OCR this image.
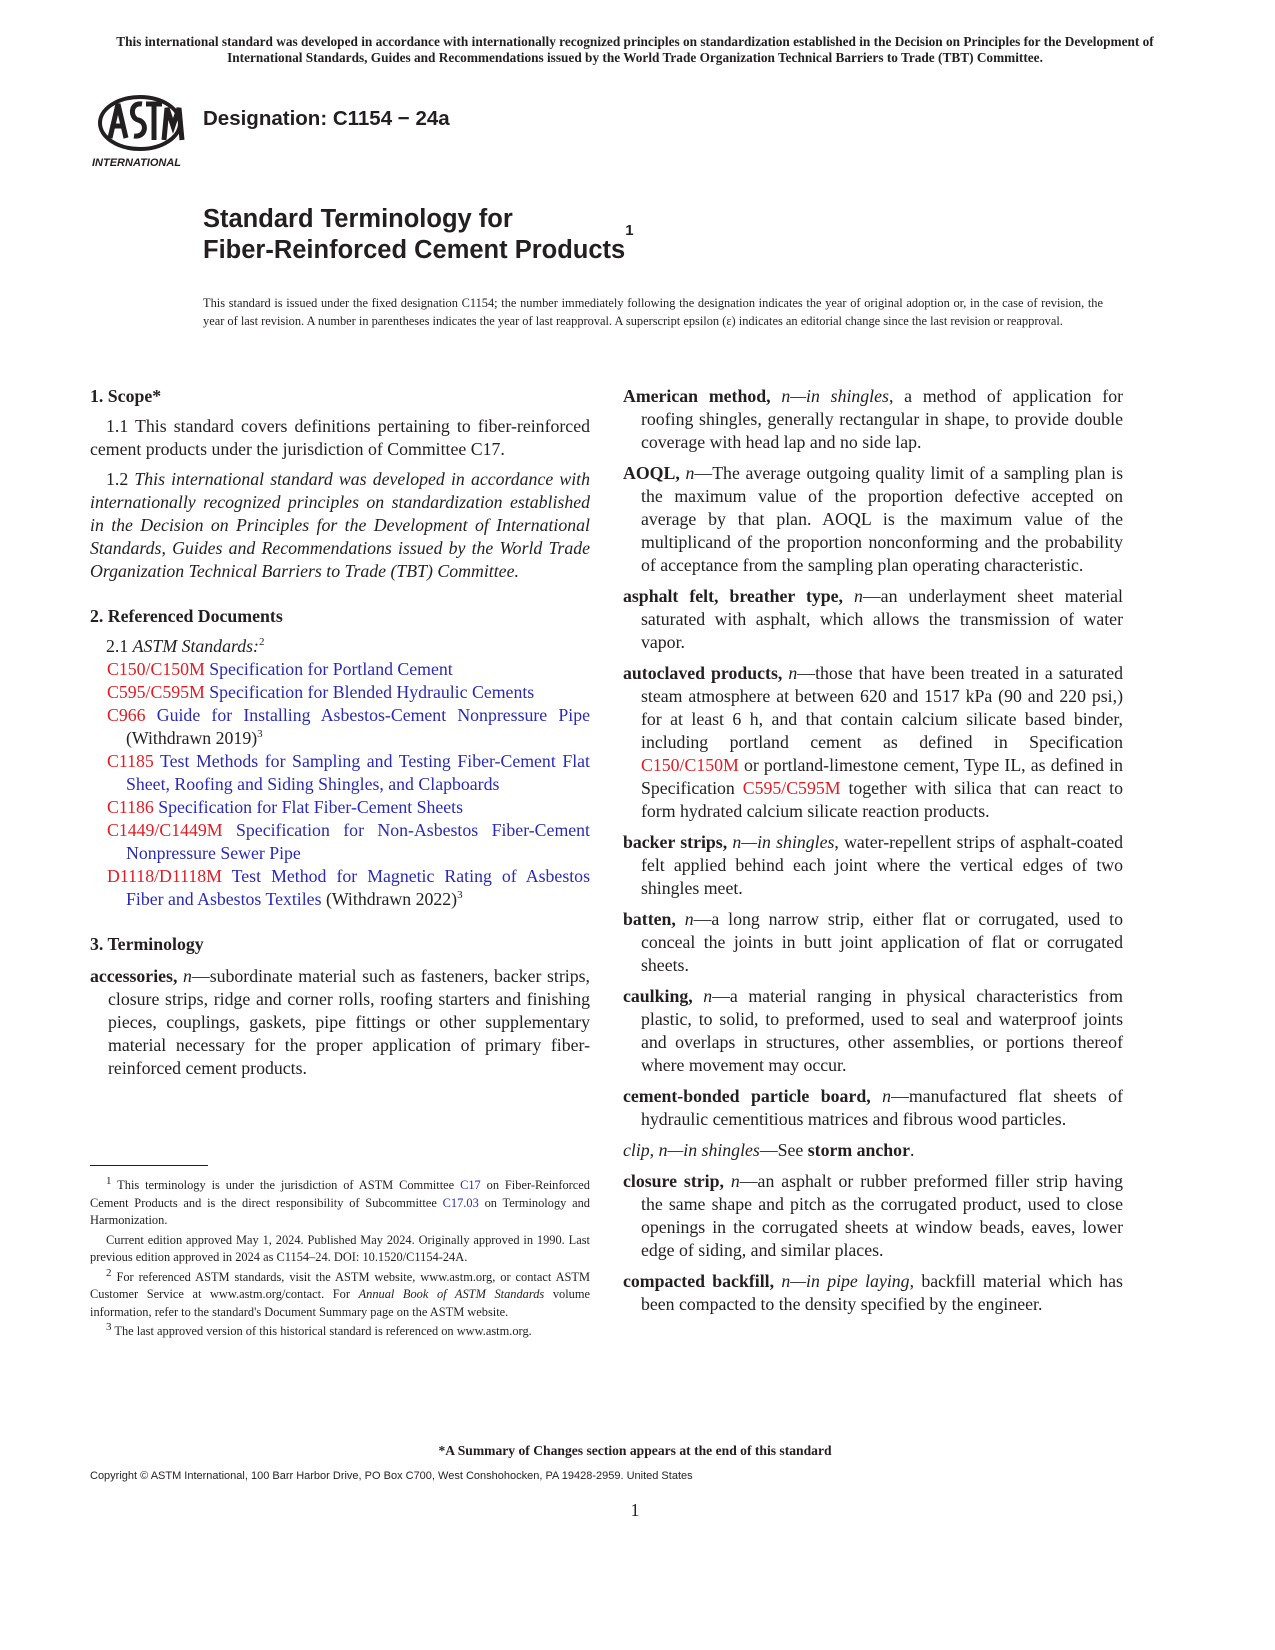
This international standard was developed in accordance with internationally recognized principles on standardization established in the Decision on Principles for the Development of International Standards, Guides and Recommendations issued by the World Trade Organization Technical Barriers to Trade (TBT) Committee.
INTERNATIONAL
Designation: C1154 − 24a
Standard Terminology for
Fiber-Reinforced Cement Products$^1$
This standard is issued under the fixed designation C1154; the number immediately following the designation indicates the year of original adoption or, in the case of revision, the year of last revision. A number in parentheses indicates the year of last reapproval. A superscript epsilon (ε) indicates an editorial change since the last revision or reapproval.
1. Scope*

1.1 This standard covers definitions pertaining to fiber-reinforced cement products under the jurisdiction of Committee C17.

1.2 This international standard was developed in accordance with internationally recognized principles on standardization established in the Decision on Principles for the Development of International Standards, Guides and Recommendations issued by the World Trade Organization Technical Barriers to Trade (TBT) Committee.

2. Referenced Documents

2.1 ASTM Standards:$^2$

C150/C150M Specification for Portland Cement

C595/C595M Specification for Blended Hydraulic Cements

C966 Guide for Installing Asbestos-Cement Nonpressure Pipe (Withdrawn 2019)$^3$

C1185 Test Methods for Sampling and Testing Fiber-Cement Flat Sheet, Roofing and Siding Shingles, and Clapboards

C1186 Specification for Flat Fiber-Cement Sheets

C1449/C1449M Specification for Non-Asbestos Fiber-Cement Nonpressure Sewer Pipe

D1118/D1118M Test Method for Magnetic Rating of Asbestos Fiber and Asbestos Textiles (Withdrawn 2022)$^3$

3. Terminology

accessories, n—subordinate material such as fasteners, backer strips, closure strips, ridge and corner rolls, roofing starters and finishing pieces, couplings, gaskets, pipe fittings or other supplementary material necessary for the proper application of primary fiber-reinforced cement products.

$^1$ This terminology is under the jurisdiction of ASTM Committee C17 on Fiber-Reinforced Cement Products and is the direct responsibility of Subcommittee C17.03 on Terminology and Harmonization.

Current edition approved May 1, 2024. Published May 2024. Originally approved in 1990. Last previous edition approved in 2024 as C1154–24. DOI: 10.1520/C1154-24A.

$^2$ For referenced ASTM standards, visit the ASTM website, www.astm.org, or contact ASTM Customer Service at www.astm.org/contact. For Annual Book of ASTM Standards volume information, refer to the standard's Document Summary page on the ASTM website.

$^3$ The last approved version of this historical standard is referenced on www.astm.org.

American method, n—in shingles, a method of application for roofing shingles, generally rectangular in shape, to provide double coverage with head lap and no side lap.

AOQL, n—The average outgoing quality limit of a sampling plan is the maximum value of the proportion defective accepted on average by that plan. AOQL is the maximum value of the multiplicand of the proportion nonconforming and the probability of acceptance from the sampling plan operating characteristic.

asphalt felt, breather type, n—an underlayment sheet material saturated with asphalt, which allows the transmission of water vapor.

autoclaved products, n—those that have been treated in a saturated steam atmosphere at between 620 and 1517 kPa (90 and 220 psi,) for at least 6 h, and that contain calcium silicate based binder, including portland cement as defined in Specification C150/C150M or portland-limestone cement, Type IL, as defined in Specification C595/C595M together with silica that can react to form hydrated calcium silicate reaction products.

backer strips, n—in shingles, water-repellent strips of asphalt-coated felt applied behind each joint where the vertical edges of two shingles meet.

batten, n—a long narrow strip, either flat or corrugated, used to conceal the joints in butt joint application of flat or corrugated sheets.

caulking, n—a material ranging in physical characteristics from plastic, to solid, to preformed, used to seal and waterproof joints and overlaps in structures, other assemblies, or portions thereof where movement may occur.

cement-bonded particle board, n—manufactured flat sheets of hydraulic cementitious matrices and fibrous wood particles.

clip, n—in shingles—See storm anchor.

closure strip, n—an asphalt or rubber preformed filler strip having the same shape and pitch as the corrugated product, used to close openings in the corrugated sheets at window beads, eaves, lower edge of siding, and similar places.

compacted backfill, n—in pipe laying, backfill material which has been compacted to the density specified by the engineer.

*A Summary of Changes section appears at the end of this standard
Copyright © ASTM International, 100 Barr Harbor Drive, PO Box C700, West Conshohocken, PA 19428-2959. United States
1
